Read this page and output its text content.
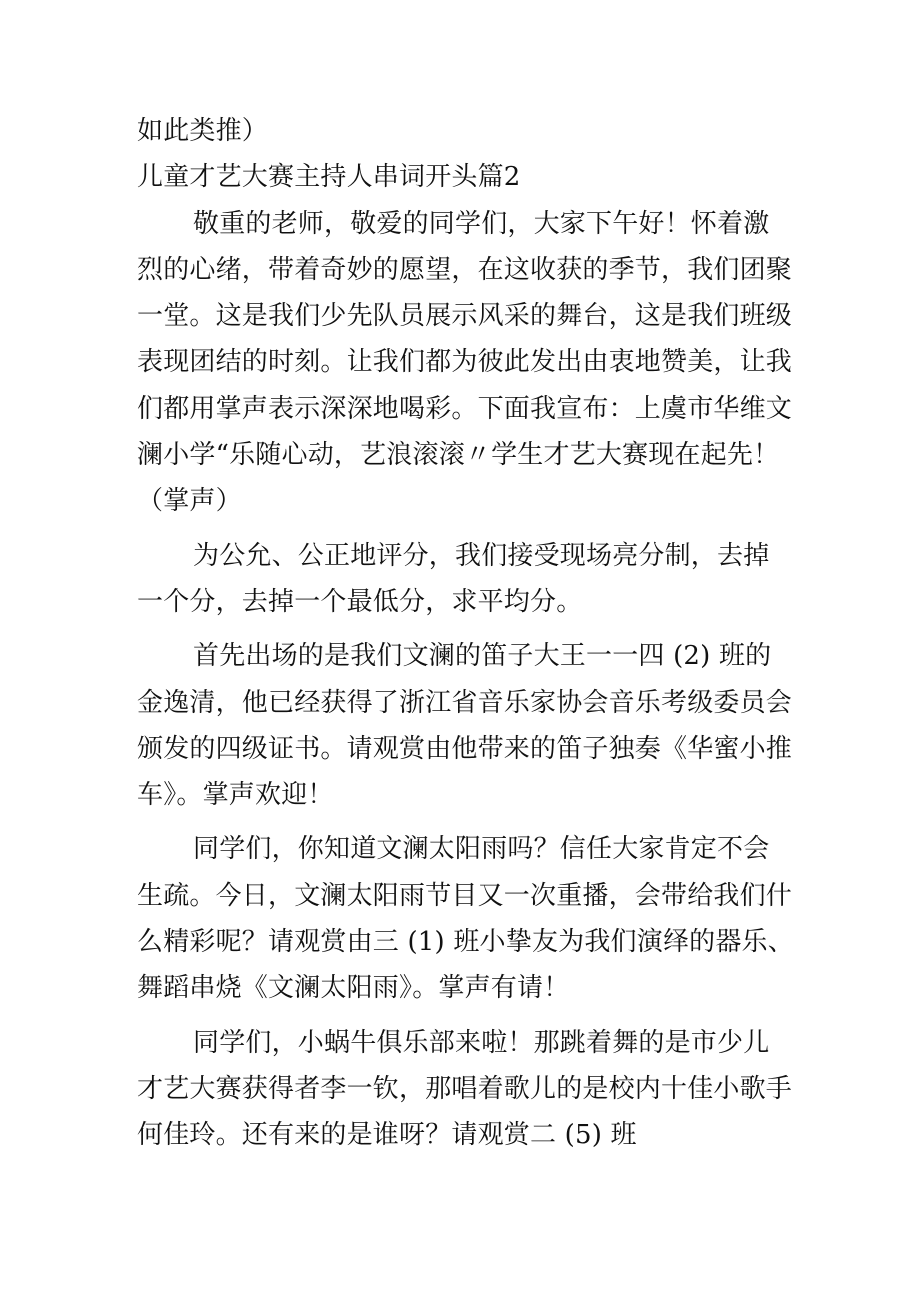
如此类推）
儿童才艺大赛主持人串词开头篇2
敬重的老师，敬爱的同学们，大家下午好！怀着激
烈的心绪，带着奇妙的愿望，在这收获的季节，我们团聚
一堂。这是我们少先队员展示风采的舞台，这是我们班级
表现团结的时刻。让我们都为彼此发出由衷地赞美，让我
们都用掌声表示深深地喝彩。下面我宣布：上虞市华维文
澜小学“乐随心动，艺浪滚滚〃学生才艺大赛现在起先！
（掌声）
为公允、公正地评分，我们接受现场亮分制，去掉
一个分，去掉一个最低分，求平均分。
首先出场的是我们文澜的笛子大王一一四 (2) 班的
金逸清，他已经获得了浙江省音乐家协会音乐考级委员会
颁发的四级证书。请观赏由他带来的笛子独奏《华蜜小推
车》。掌声欢迎！
同学们，你知道文澜太阳雨吗？信任大家肯定不会
生疏。今日，文澜太阳雨节目又一次重播，会带给我们什
么精彩呢？请观赏由三 (1) 班小挚友为我们演绎的器乐、
舞蹈串烧《文澜太阳雨》。掌声有请！
同学们，小蜗牛俱乐部来啦！那跳着舞的是市少儿
才艺大赛获得者李一钦，那唱着歌儿的是校内十佳小歌手
何佳玲。还有来的是谁呀？请观赏二 (5) 班
